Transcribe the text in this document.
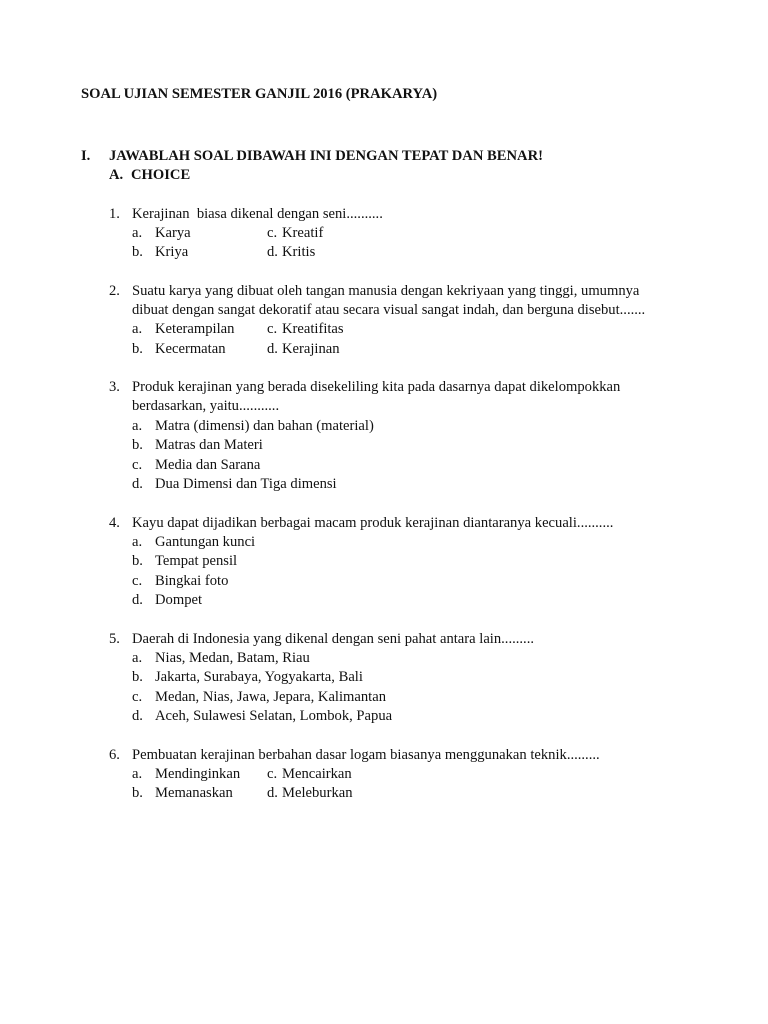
SOAL UJIAN SEMESTER GANJIL 2016 (PRAKARYA)
I. JAWABLAH SOAL DIBAWAH INI DENGAN TEPAT DAN BENAR!
A. CHOICE
1. Kerajinan  biasa dikenal dengan seni..........
a. Karya	c. Kreatif
b. Kriya	d. Kritis
2. Suatu karya yang dibuat oleh tangan manusia dengan kekriyaan yang tinggi, umumnya
dibuat dengan sangat dekoratif atau secara visual sangat indah, dan berguna disebut.......
a. Keterampilan c. Kreatifitas
b. Kecermatan	d. Kerajinan
3. Produk kerajinan yang berada disekeliling kita pada dasarnya dapat dikelompokkan
berdasarkan, yaitu...........
a. Matra (dimensi) dan bahan (material)
b. Matras dan Materi
c. Media dan Sarana
d. Dua Dimensi dan Tiga dimensi
4. Kayu dapat dijadikan berbagai macam produk kerajinan diantaranya kecuali..........
a. Gantungan kunci
b. Tempat pensil
c. Bingkai foto
d. Dompet
5. Daerah di Indonesia yang dikenal dengan seni pahat antara lain.........
a. Nias, Medan, Batam, Riau
b. Jakarta, Surabaya, Yogyakarta, Bali
c. Medan, Nias, Jawa, Jepara, Kalimantan
d. Aceh, Sulawesi Selatan, Lombok, Papua
6. Pembuatan kerajinan berbahan dasar logam biasanya menggunakan teknik.........
a. Mendinginkan c. Mencairkan
b. Memanaskan d. Meleburkan
